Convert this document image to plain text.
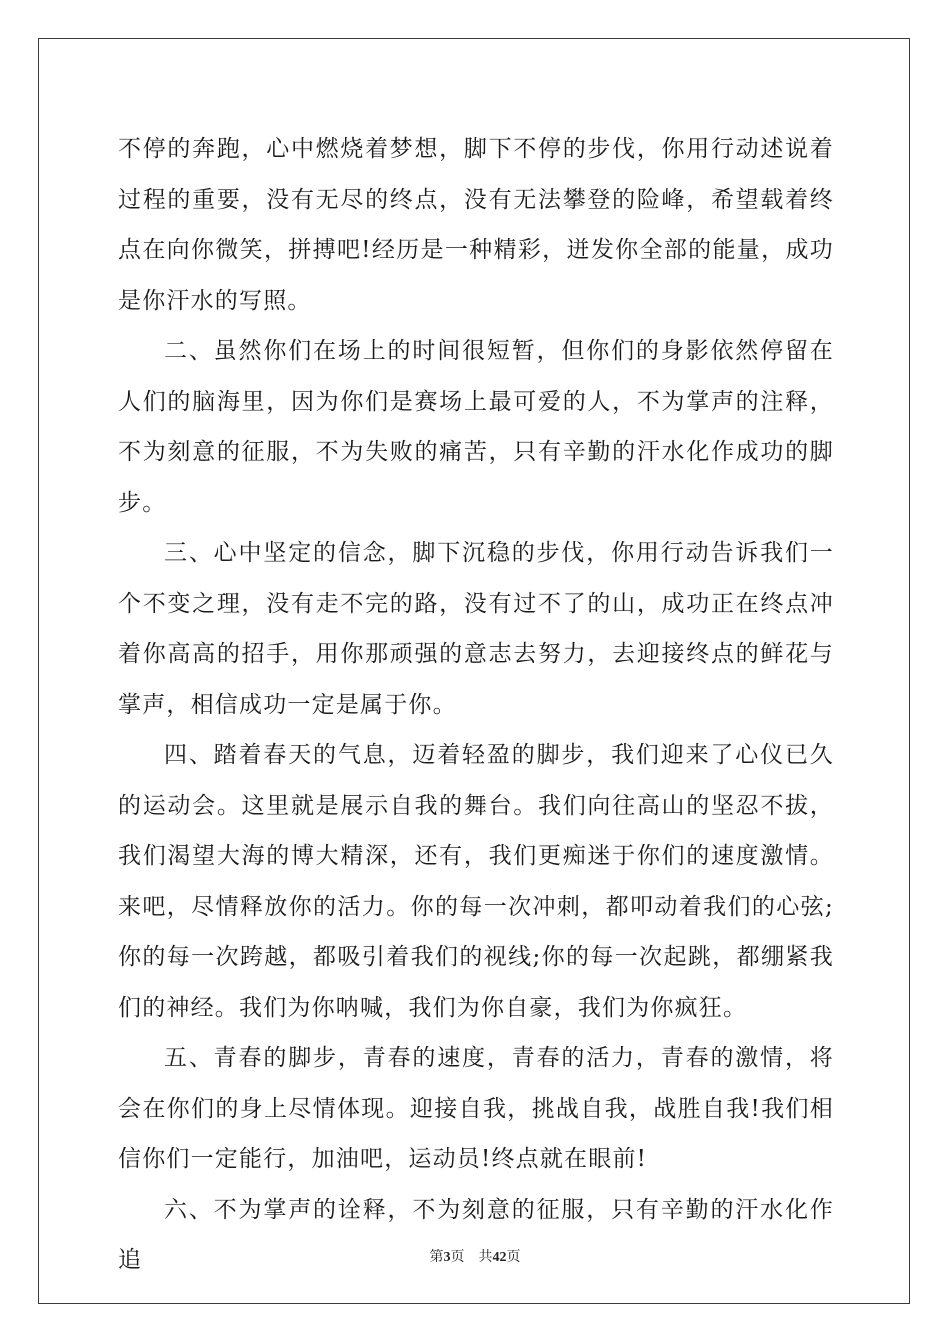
不停的奔跑，心中燃烧着梦想，脚下不停的步伐，你用行动述说着过程的重要，没有无尽的终点，没有无法攀登的险峰，希望载着终点在向你微笑，拼搏吧!经历是一种精彩，迸发你全部的能量，成功是你汗水的写照。

二、虽然你们在场上的时间很短暂，但你们的身影依然停留在人们的脑海里，因为你们是赛场上最可爱的人，不为掌声的注释，不为刻意的征服，不为失败的痛苦，只有辛勤的汗水化作成功的脚步。

三、心中坚定的信念，脚下沉稳的步伐，你用行动告诉我们一个不变之理，没有走不完的路，没有过不了的山，成功正在终点冲着你高高的招手，用你那顽强的意志去努力，去迎接终点的鲜花与掌声，相信成功一定是属于你。

四、踏着春天的气息，迈着轻盈的脚步，我们迎来了心仪已久的运动会。这里就是展示自我的舞台。我们向往高山的坚忍不拔，我们渴望大海的博大精深，还有，我们更痴迷于你们的速度激情。来吧，尽情释放你的活力。你的每一次冲刺，都叩动着我们的心弦;你的每一次跨越，都吸引着我们的视线;你的每一次起跳，都绷紧我们的神经。我们为你呐喊，我们为你自豪，我们为你疯狂。

五、青春的脚步，青春的速度，青春的活力，青春的激情，将会在你们的身上尽情体现。迎接自我，挑战自我，战胜自我!我们相信你们一定能行，加油吧，运动员!终点就在眼前!

六、不为掌声的诠释，不为刻意的征服，只有辛勤的汗水化作追	第3页 共42页
